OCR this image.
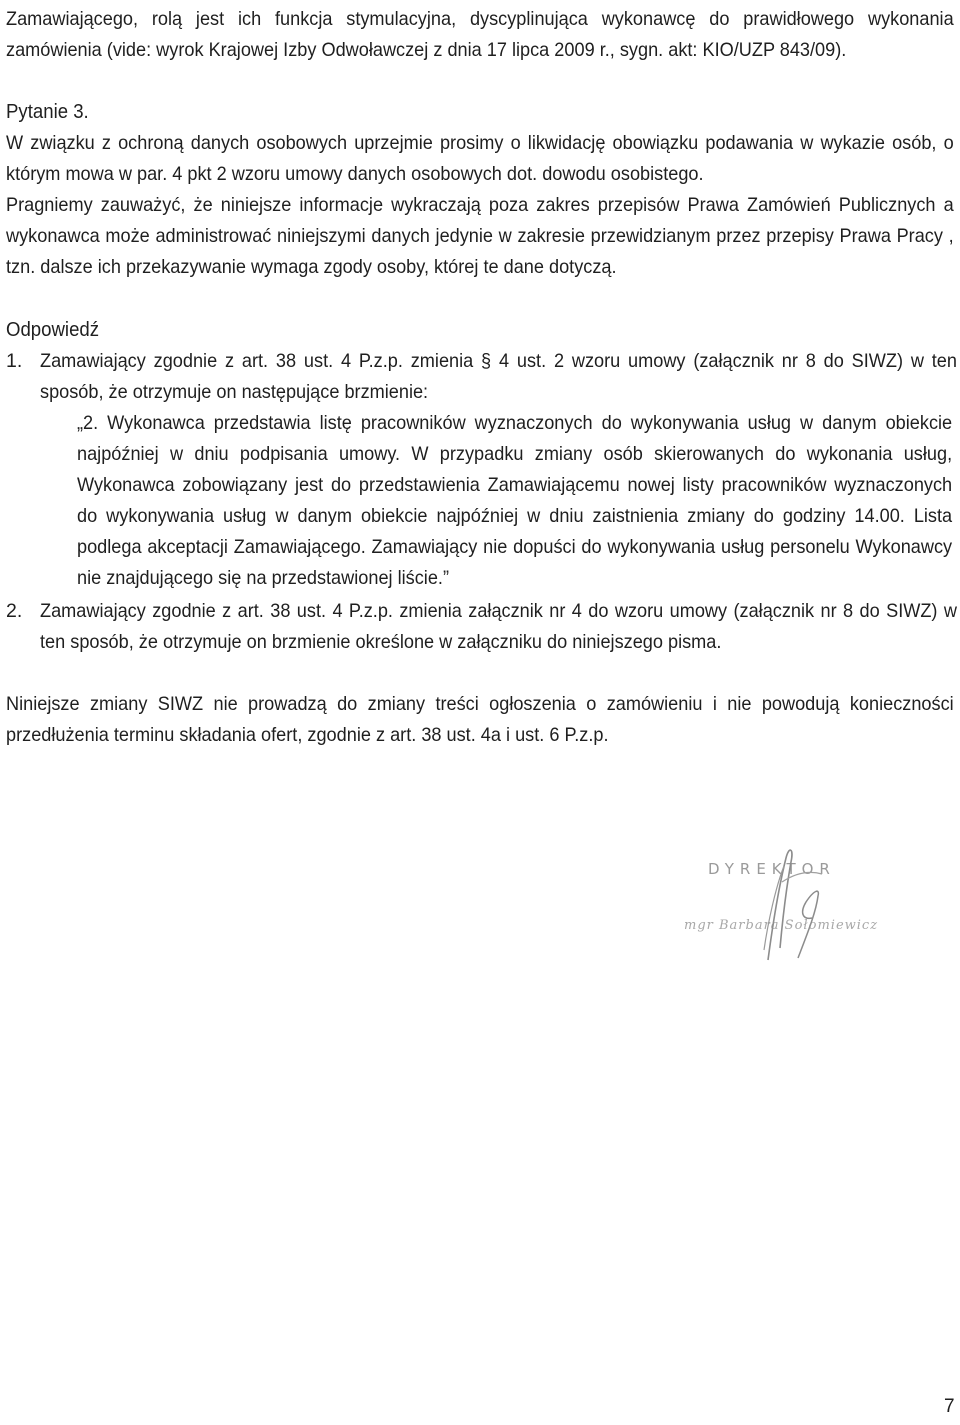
Zamawiającego, rolą jest ich funkcja stymulacyjna, dyscyplinująca wykonawcę do prawidłowego wykonania zamówienia (vide: wyrok Krajowej Izby Odwoławczej z dnia 17 lipca 2009 r., sygn. akt: KIO/UZP 843/09).

Pytanie 3.

W związku z ochroną danych osobowych uprzejmie prosimy o likwidację obowiązku podawania w wykazie osób, o którym mowa w par. 4 pkt 2 wzoru umowy danych osobowych dot. dowodu osobistego.

Pragniemy zauważyć, że niniejsze informacje wykraczają poza zakres przepisów Prawa Zamówień Publicznych a wykonawca może administrować niniejszymi danych jedynie w zakresie przewidzianym przez przepisy Prawa Pracy , tzn. dalsze ich przekazywanie wymaga zgody osoby, której te dane dotyczą.

Odpowiedź

1. Zamawiający zgodnie z art. 38 ust. 4 P.z.p. zmienia § 4 ust. 2 wzoru umowy (załącznik nr 8 do SIWZ) w ten sposób, że otrzymuje on następujące brzmienie:

„2. Wykonawca przedstawia listę pracowników wyznaczonych do wykonywania usług w danym obiekcie najpóźniej w dniu podpisania umowy. W przypadku zmiany osób skierowanych do wykonania usług, Wykonawca zobowiązany jest do przedstawienia Zamawiającemu nowej listy pracowników wyznaczonych do wykonywania usług w danym obiekcie najpóźniej w dniu zaistnienia zmiany do godziny 14.00. Lista podlega akceptacji Zamawiającego. Zamawiający nie dopuści do wykonywania usług personelu Wykonawcy nie znajdującego się na przedstawionej liście.”

2. Zamawiający zgodnie z art. 38 ust. 4 P.z.p. zmienia załącznik nr 4 do wzoru umowy (załącznik nr 8 do SIWZ) w ten sposób, że otrzymuje on brzmienie określone w załączniku do niniejszego pisma.

Niniejsze zmiany SIWZ nie prowadzą do zmiany treści ogłoszenia o zamówieniu i nie powodują konieczności przedłużenia terminu składania ofert, zgodnie z art. 38 ust. 4a i ust. 6 P.z.p.

DYREKTOR
mgr Barbara Sołomiewicz
7
